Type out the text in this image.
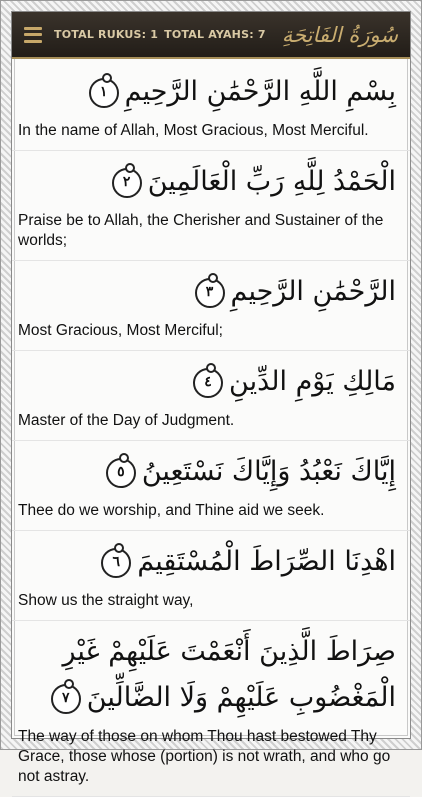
TOTAL RUKUS: 1 TOTAL AYAHS: 7 سُورَةُ الفَاتِحَةِ
بِسْمِ اللَّهِ الرَّحْمَٰنِ الرَّحِيمِ١
In the name of Allah, Most Gracious, Most Merciful.
الْحَمْدُ لِلَّهِ رَبِّ الْعَالَمِينَ٢
Praise be to Allah, the Cherisher and Sustainer of the worlds;
الرَّحْمَٰنِ الرَّحِيمِ٣
Most Gracious, Most Merciful;
مَالِكِ يَوْمِ الدِّينِ٤
Master of the Day of Judgment.
إِيَّاكَ نَعْبُدُ وَإِيَّاكَ نَسْتَعِينُ٥
Thee do we worship, and Thine aid we seek.
اهْدِنَا الصِّرَاطَ الْمُسْتَقِيمَ٦
Show us the straight way,
صِرَاطَ الَّذِينَ أَنْعَمْتَ عَلَيْهِمْ غَيْرِ الْمَغْضُوبِ عَلَيْهِمْ وَلَا الضَّالِّينَ٧
The way of those on whom Thou hast bestowed Thy Grace, those whose (portion) is not wrath, and who go not astray.
